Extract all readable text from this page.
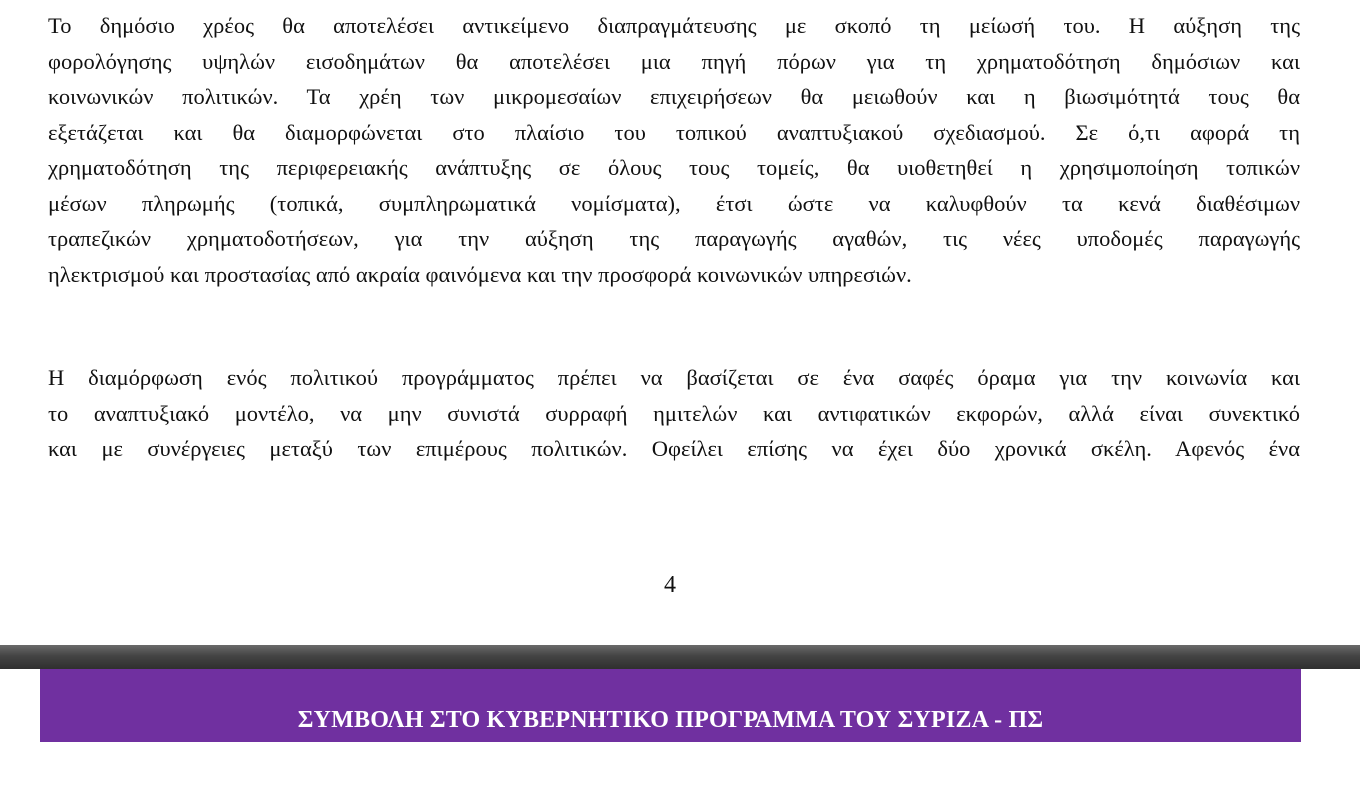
Το δημόσιο χρέος θα αποτελέσει αντικείμενο διαπραγμάτευσης με σκοπό τη μείωσή του. Η αύξηση της
φορολόγησης υψηλών εισοδημάτων θα αποτελέσει μια πηγή πόρων για τη χρηματοδότηση δημόσιων και
κοινωνικών πολιτικών. Τα χρέη των μικρομεσαίων επιχειρήσεων θα μειωθούν και η βιωσιμότητά τους θα
εξετάζεται και θα διαμορφώνεται στο πλαίσιο του τοπικού αναπτυξιακού σχεδιασμού. Σε ό,τι αφορά τη
χρηματοδότηση της περιφερειακής ανάπτυξης σε όλους τους τομείς, θα υιοθετηθεί η χρησιμοποίηση τοπικών
μέσων πληρωμής (τοπικά, συμπληρωματικά νομίσματα), έτσι ώστε να καλυφθούν τα κενά διαθέσιμων
τραπεζικών χρηματοδοτήσεων, για την αύξηση της παραγωγής αγαθών, τις νέες υποδομές παραγωγής
ηλεκτρισμού και προστασίας από ακραία φαινόμενα και την προσφορά κοινωνικών υπηρεσιών.
Η διαμόρφωση ενός πολιτικού προγράμματος πρέπει να βασίζεται σε ένα σαφές όραμα για την κοινωνία και
το αναπτυξιακό μοντέλο, να μην συνιστά συρραφή ημιτελών και αντιφατικών εκφορών, αλλά είναι συνεκτικό
και με συνέργειες μεταξύ των επιμέρους πολιτικών. Οφείλει επίσης να έχει δύο χρονικά σκέλη. Αφενός ένα
4
ΣΥΜΒΟΛΗ ΣΤΟ ΚΥΒΕΡΝΗΤΙΚΟ ΠΡΟΓΡΑΜΜΑ ΤΟΥ ΣΥΡΙΖΑ - ΠΣ
